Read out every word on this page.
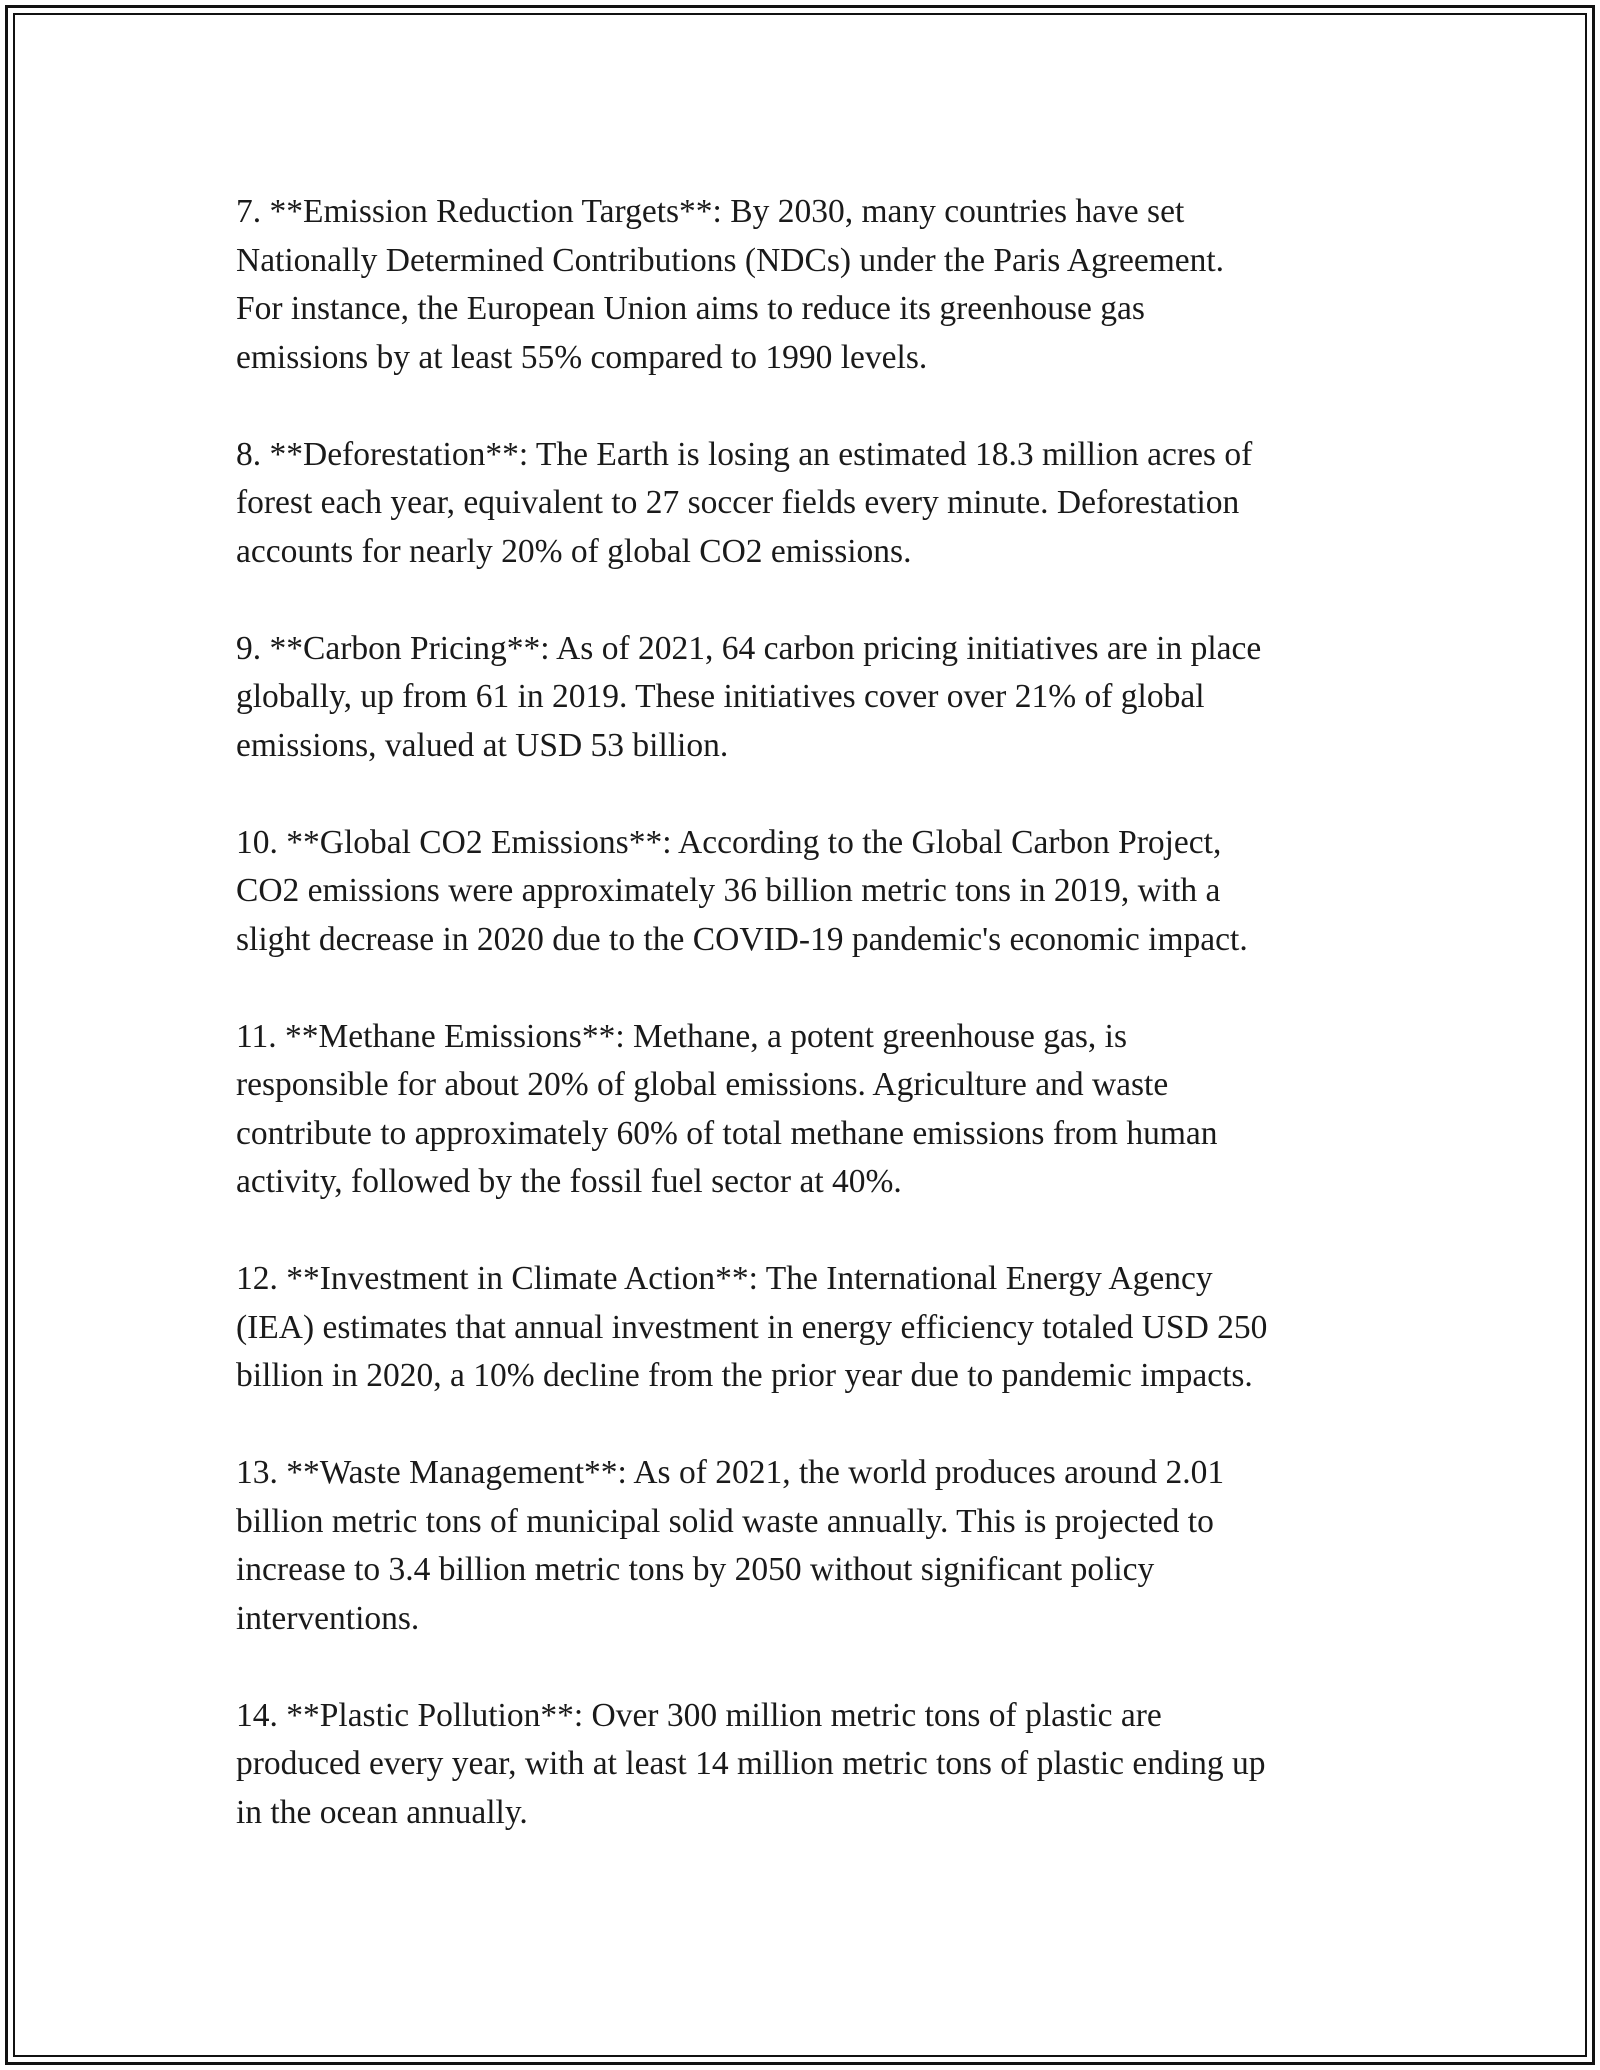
7. **Emission Reduction Targets**: By 2030, many countries have set
Nationally Determined Contributions (NDCs) under the Paris Agreement.
For instance, the European Union aims to reduce its greenhouse gas
emissions by at least 55% compared to 1990 levels.
8. **Deforestation**: The Earth is losing an estimated 18.3 million acres of
forest each year, equivalent to 27 soccer fields every minute. Deforestation
accounts for nearly 20% of global CO2 emissions.
9. **Carbon Pricing**: As of 2021, 64 carbon pricing initiatives are in place
globally, up from 61 in 2019. These initiatives cover over 21% of global
emissions, valued at USD 53 billion.
10. **Global CO2 Emissions**: According to the Global Carbon Project,
CO2 emissions were approximately 36 billion metric tons in 2019, with a
slight decrease in 2020 due to the COVID-19 pandemic's economic impact.
11. **Methane Emissions**: Methane, a potent greenhouse gas, is
responsible for about 20% of global emissions. Agriculture and waste
contribute to approximately 60% of total methane emissions from human
activity, followed by the fossil fuel sector at 40%.
12. **Investment in Climate Action**: The International Energy Agency
(IEA) estimates that annual investment in energy efficiency totaled USD 250
billion in 2020, a 10% decline from the prior year due to pandemic impacts.
13. **Waste Management**: As of 2021, the world produces around 2.01
billion metric tons of municipal solid waste annually. This is projected to
increase to 3.4 billion metric tons by 2050 without significant policy
interventions.
14. **Plastic Pollution**: Over 300 million metric tons of plastic are
produced every year, with at least 14 million metric tons of plastic ending up
in the ocean annually.
